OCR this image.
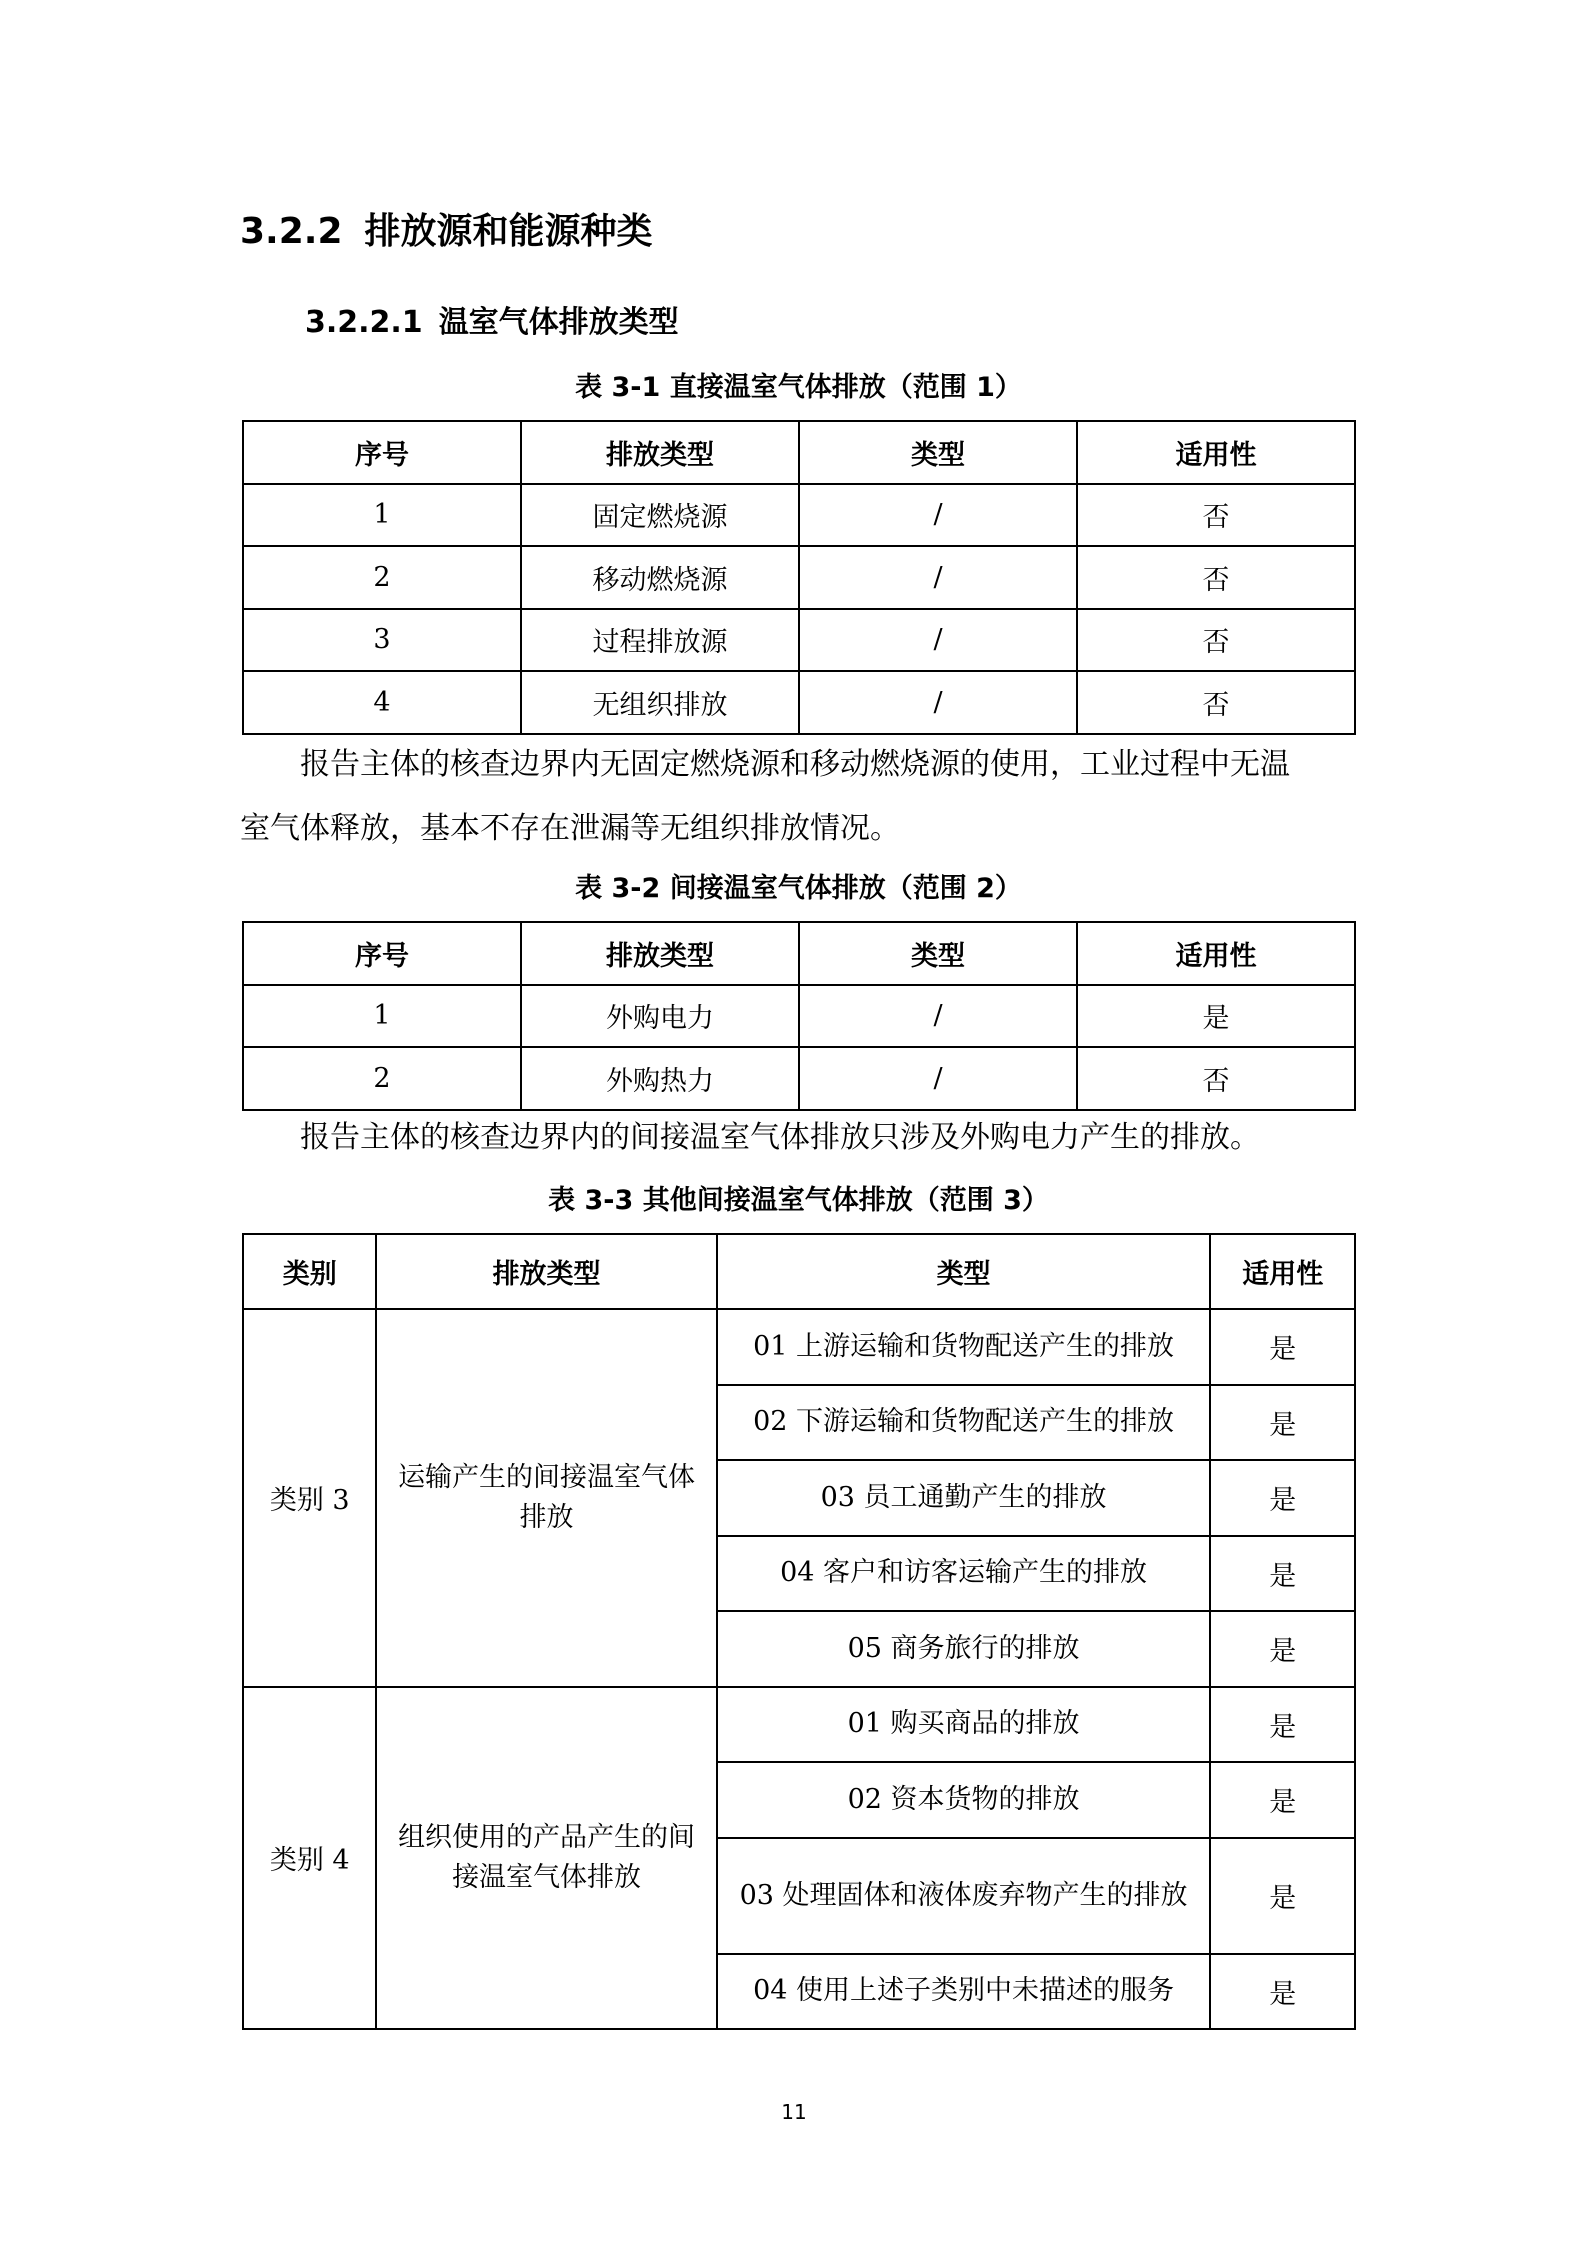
3.2.2 排放源和能源种类
3.2.2.1 温室气体排放类型
表 3-1 直接温室气体排放（范围 1）
序号	排放类型	类型	适用性
1	固定燃烧源	/	否
2	移动燃烧源	/	否
3	过程排放源	/	否
4	无组织排放	/	否
报告主体的核查边界内无固定燃烧源和移动燃烧源的使用，工业过程中无温
室气体释放，基本不存在泄漏等无组织排放情况。
表 3-2 间接温室气体排放（范围 2）
序号	排放类型	类型	适用性
1	外购电力	/	是
2	外购热力	/	否
报告主体的核查边界内的间接温室气体排放只涉及外购电力产生的排放。
表 3-3 其他间接温室气体排放（范围 3）
类别	排放类型	类型	适用性
类别 3	运输产生的间接温室气体排放	01 上游运输和货物配送产生的排放	是
		02 下游运输和货物配送产生的排放	是
		03 员工通勤产生的排放	是
		04 客户和访客运输产生的排放	是
		05 商务旅行的排放	是
类别 4	组织使用的产品产生的间接温室气体排放	01 购买商品的排放	是
		02 资本货物的排放	是
		03 处理固体和液体废弃物产生的排放	是
		04 使用上述子类别中未描述的服务	是
11
